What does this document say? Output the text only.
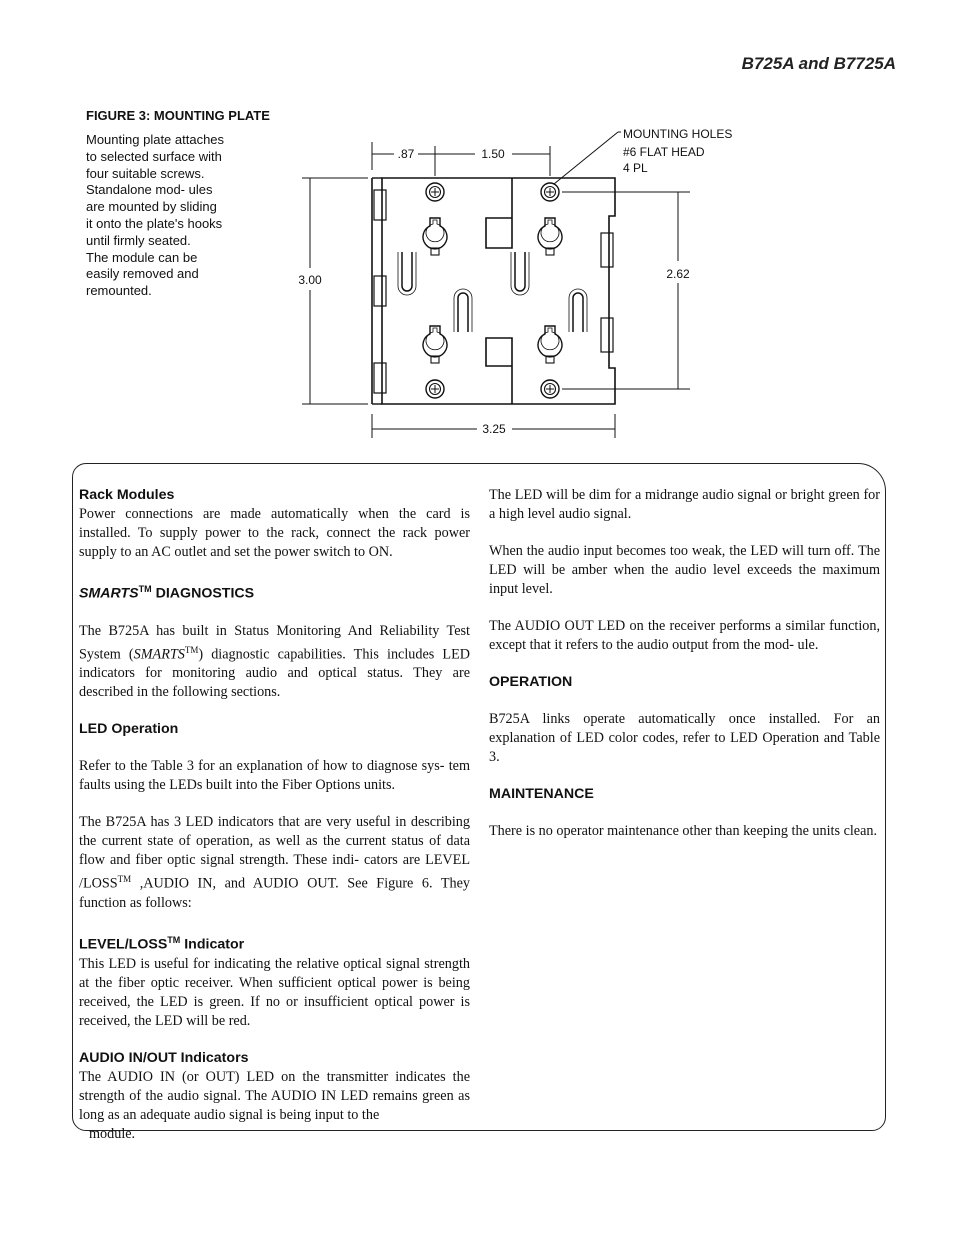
B725A and B7725A
FIGURE 3: MOUNTING PLATE

Mounting plate attaches to selected surface with four suitable screws.

Standalone mod- ules are mounted by sliding it onto the plate's hooks until firmly seated.

The module can be easily removed and remounted.

.87	1.50
3.00	2.62
3.25
MOUNTING HOLES
#6 FLAT HEAD
4 PL
Rack Modules

Power connections are made automatically when the card is installed. To supply power to the rack, connect the rack power supply to an AC outlet and set the power switch to ON.

SMARTS™ DIAGNOSTICS

The B725A has built in Status Monitoring And Reliability Test System (SMARTS™) diagnostic capabilities. This includes LED indicators for monitoring audio and optical status. They are described in the following sections.

LED Operation

Refer to the Table 3 for an explanation of how to diagnose sys- tem faults using the LEDs built into the Fiber Options units.

The B725A has 3 LED indicators that are very useful in describing the current state of operation, as well as the current status of data flow and fiber optic signal strength. These indi- cators are LEVEL /LOSS™ ,AUDIO IN, and AUDIO OUT. See Figure 6. They function as follows:

LEVEL/LOSS™ Indicator

This LED is useful for indicating the relative optical signal strength at the fiber optic receiver. When sufficient optical power is being received, the LED is green. If no or insufficient optical power is received, the LED will be red.

AUDIO IN/OUT Indicators

The AUDIO IN (or OUT) LED on the transmitter indicates the strength of the audio signal. The AUDIO IN LED remains green as long as an adequate audio signal is being input to the

module.

The LED will be dim for a midrange audio signal or bright green for a high level audio signal.

When the audio input becomes too weak, the LED will turn off. The LED will be amber when the audio level exceeds the maximum input level.

The AUDIO OUT LED on the receiver performs a similar function, except that it refers to the audio output from the mod- ule.

OPERATION

B725A links operate automatically once installed. For an explanation of LED color codes, refer to LED Operation and Table 3.

MAINTENANCE

There is no operator maintenance other than keeping the units clean.
